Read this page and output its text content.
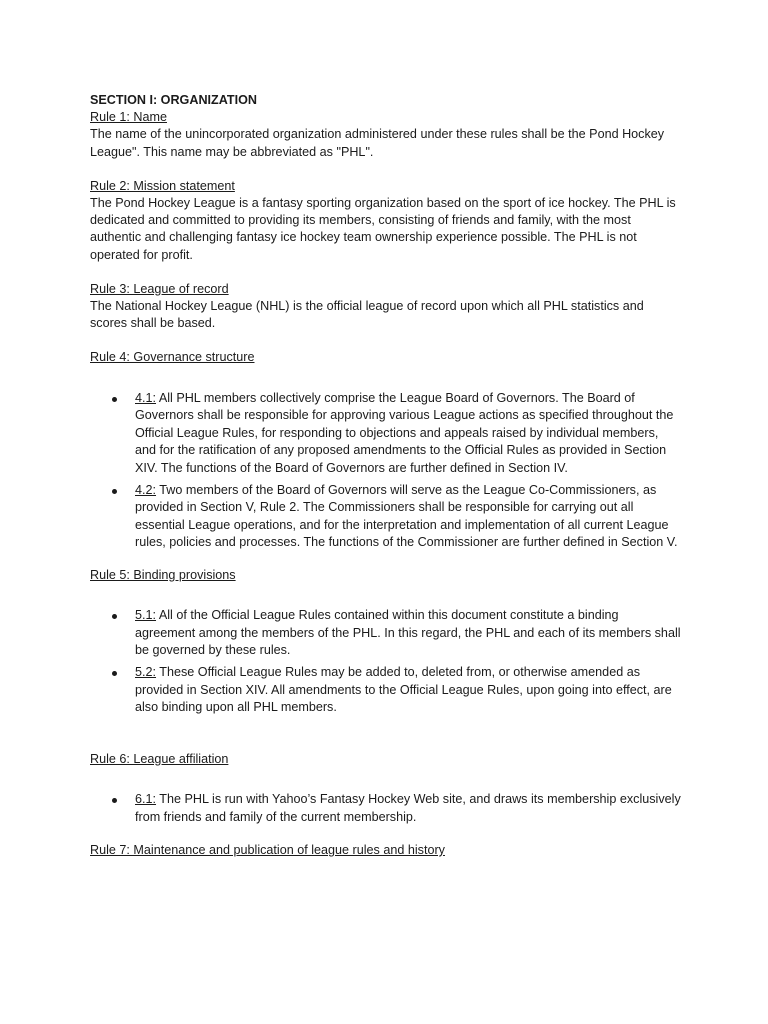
SECTION I: ORGANIZATION
Rule 1: Name

The name of the unincorporated organization administered under these rules shall be the Pond Hockey League". This name may be abbreviated as "PHL".

Rule 2: Mission statement

The Pond Hockey League is a fantasy sporting organization based on the sport of ice hockey. The PHL is dedicated and committed to providing its members, consisting of friends and family, with the most authentic and challenging fantasy ice hockey team ownership experience possible. The PHL is not operated for profit.

Rule 3: League of record

The National Hockey League (NHL) is the official league of record upon which all PHL statistics and scores shall be based.

Rule 4: Governance structure
4.1: All PHL members collectively comprise the League Board of Governors. The Board of Governors shall be responsible for approving various League actions as specified throughout the Official League Rules, for responding to objections and appeals raised by individual members, and for the ratification of any proposed amendments to the Official Rules as provided in Section XIV. The functions of the Board of Governors are further defined in Section IV.
4.2: Two members of the Board of Governors will serve as the League Co-Commissioners, as provided in Section V, Rule 2. The Commissioners shall be responsible for carrying out all essential League operations, and for the interpretation and implementation of all current League rules, policies and processes. The functions of the Commissioner are further defined in Section V.
Rule 5: Binding provisions
5.1: All of the Official League Rules contained within this document constitute a binding agreement among the members of the PHL. In this regard, the PHL and each of its members shall be governed by these rules.
5.2: These Official League Rules may be added to, deleted from, or otherwise amended as provided in Section XIV. All amendments to the Official League Rules, upon going into effect, are also binding upon all PHL members.
Rule 6: League affiliation
6.1: The PHL is run with Yahoo’s Fantasy Hockey Web site, and draws its membership exclusively from friends and family of the current membership.
Rule 7: Maintenance and publication of league rules and history
